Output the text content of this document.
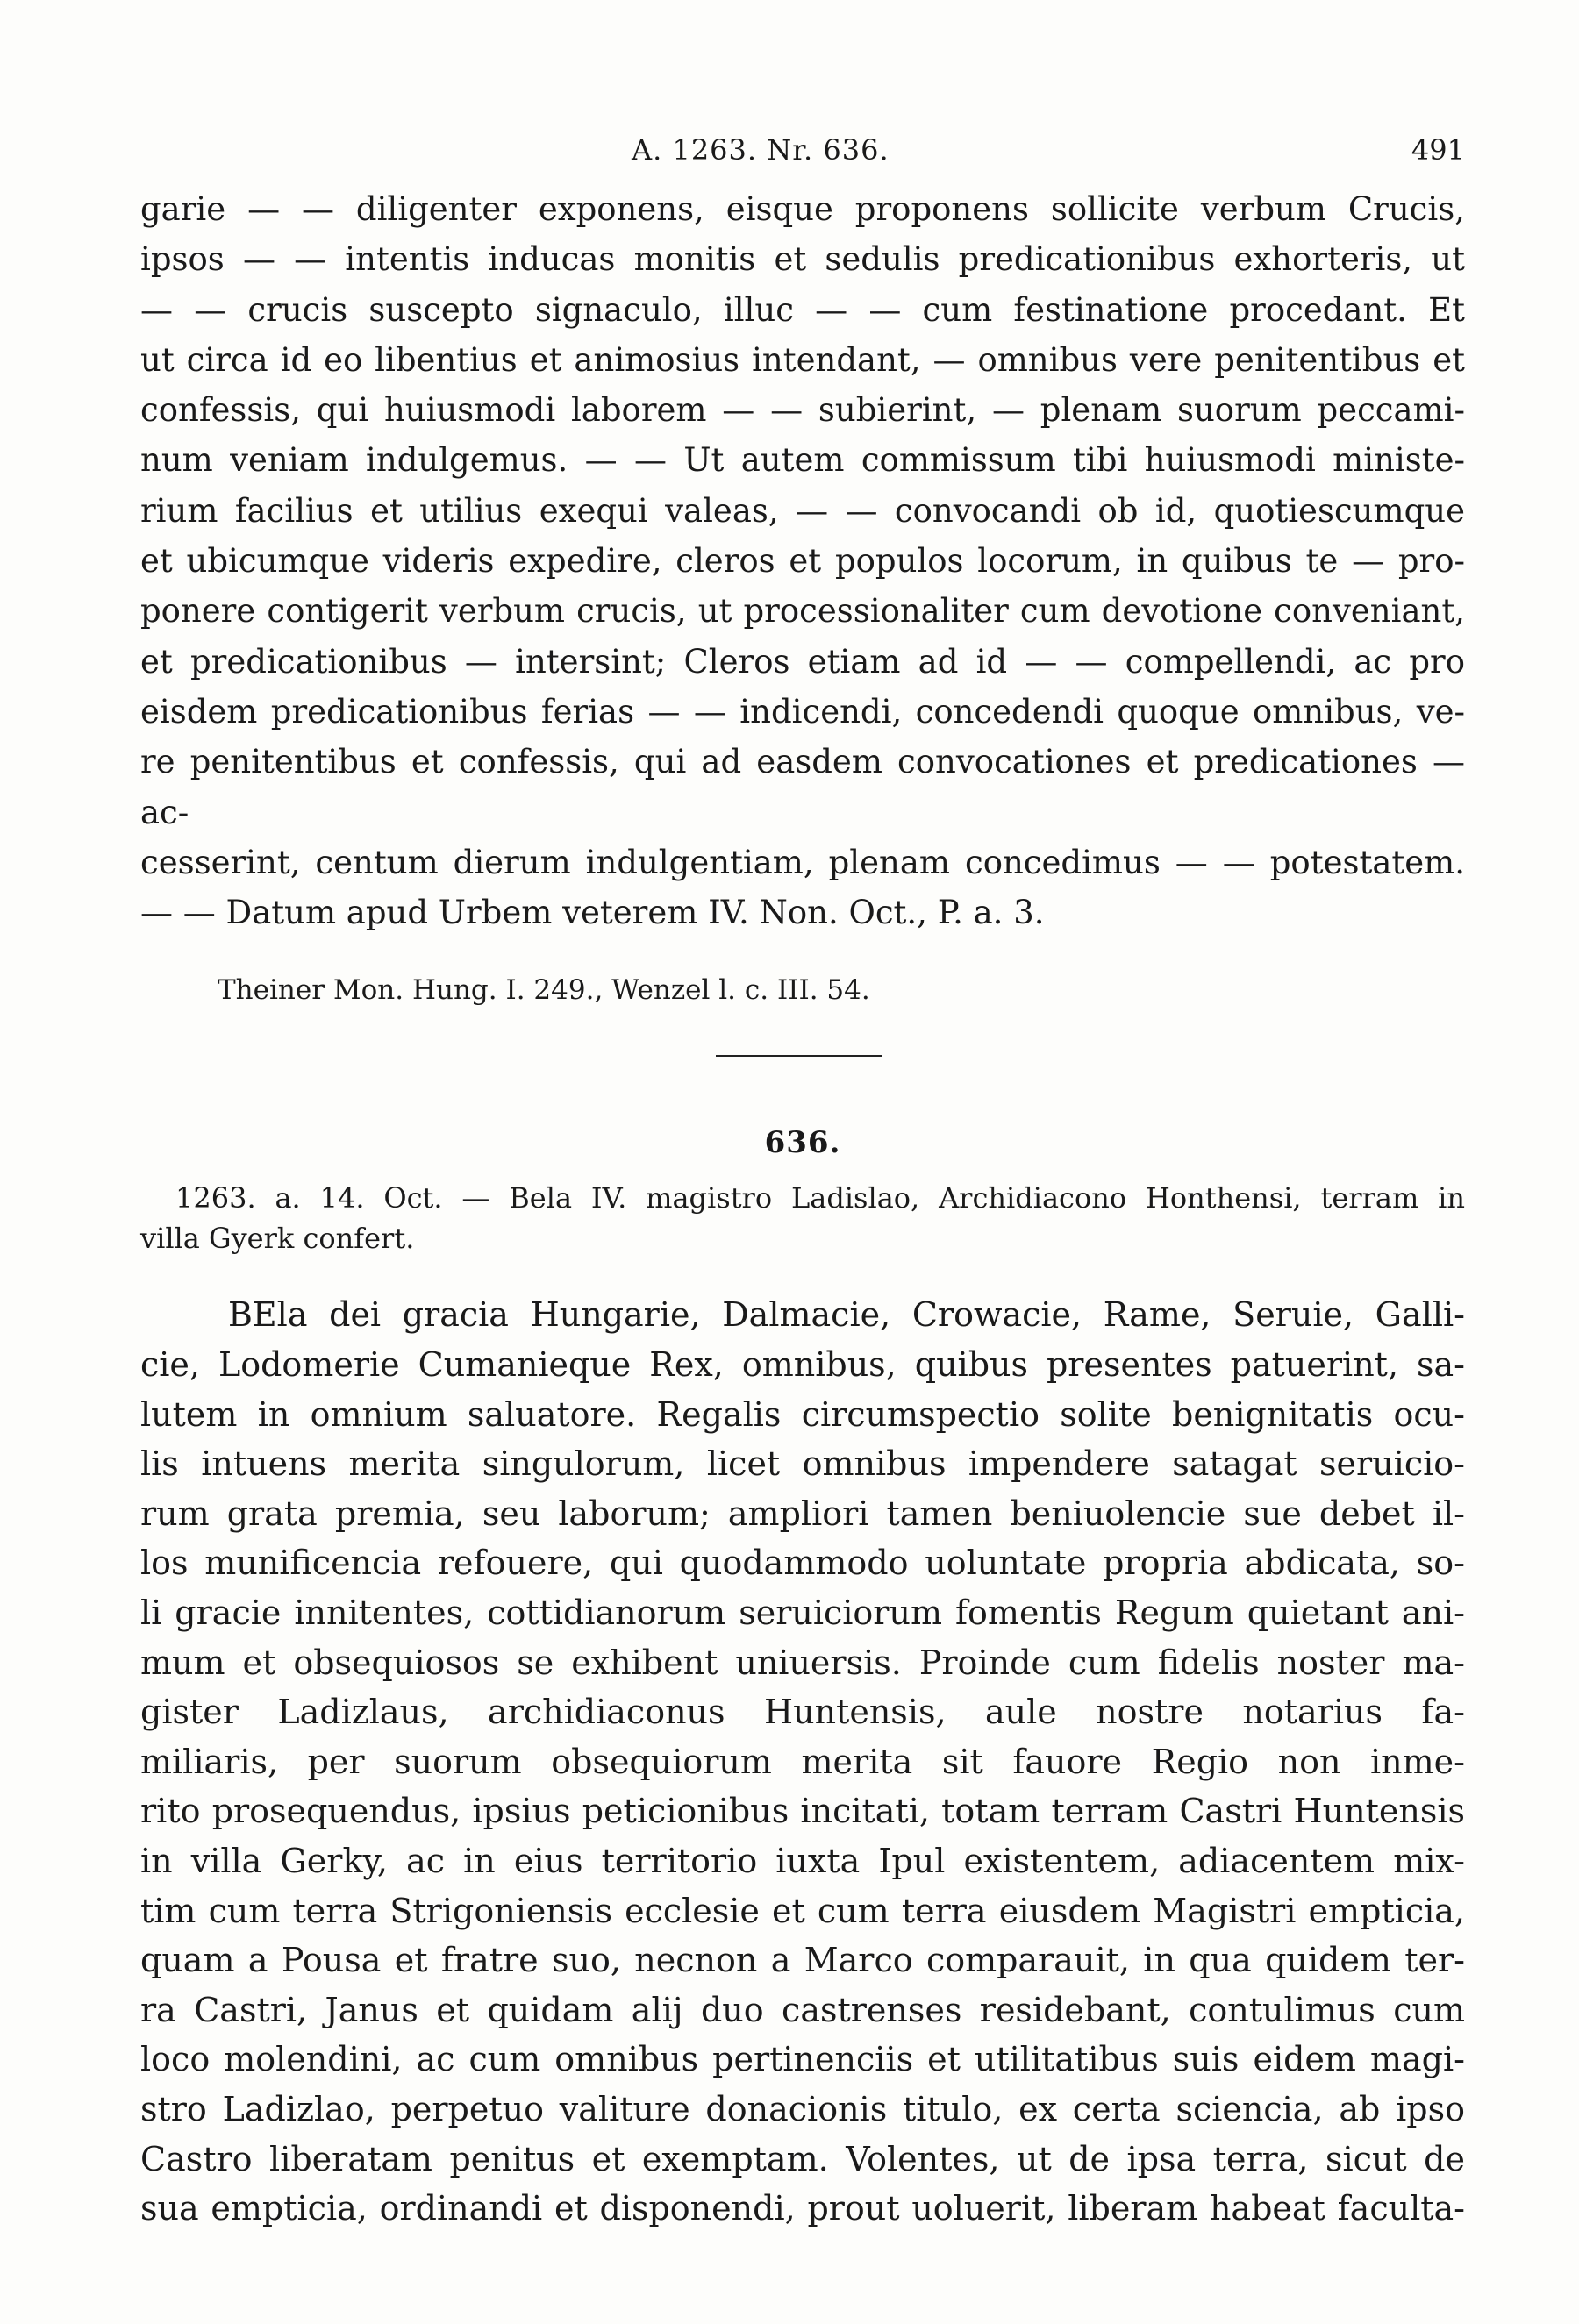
A. 1263. Nr. 636.	491
garie — — diligenter exponens, eisque proponens sollicite verbum Crucis,
ipsos — — intentis inducas monitis et sedulis predicationibus exhorteris, ut
— — crucis suscepto signaculo, illuc — — cum festinatione procedant. Et
ut circa id eo libentius et animosius intendant, — omnibus vere penitentibus et
confessis, qui huiusmodi laborem — — subierint, — plenam suorum peccami-
num veniam indulgemus. — — Ut autem commissum tibi huiusmodi ministe-
rium facilius et utilius exequi valeas, — — convocandi ob id, quotiescumque
et ubicumque videris expedire, cleros et populos locorum, in quibus te — pro-
ponere contigerit verbum crucis, ut processionaliter cum devotione conveniant,
et predicationibus — intersint; Cleros etiam ad id — — compellendi, ac pro
eisdem predicationibus ferias — — indicendi, concedendi quoque omnibus, ve-
re penitentibus et confessis, qui ad easdem convocationes et predicationes — ac-
cesserint, centum dierum indulgentiam, plenam concedimus — — potestatem.
— — Datum apud Urbem veterem IV. Non. Oct., P. a. 3.
Theiner Mon. Hung. I. 249., Wenzel l. c. III. 54.
636.
1263. a. 14. Oct. — Bela IV. magistro Ladislao, Archidiacono Honthensi, terram in
villa Gyerk confert.
BEla dei gracia Hungarie, Dalmacie, Crowacie, Rame, Seruie, Galli-
cie, Lodomerie Cumanieque Rex, omnibus, quibus presentes patuerint, sa-
lutem in omnium saluatore. Regalis circumspectio solite benignitatis ocu-
lis intuens merita singulorum, licet omnibus impendere satagat seruicio-
rum grata premia, seu laborum; ampliori tamen beniuolencie sue debet il-
los munificencia refouere, qui quodammodo uoluntate propria abdicata, so-
li gracie innitentes, cottidianorum seruiciorum fomentis Regum quietant ani-
mum et obsequiosos se exhibent uniuersis. Proinde cum fidelis noster ma-
gister Ladizlaus, archidiaconus Huntensis, aule nostre notarius fa-
miliaris, per suorum obsequiorum merita sit fauore Regio non inme-
rito prosequendus, ipsius peticionibus incitati, totam terram Castri Huntensis
in villa Gerky, ac in eius territorio iuxta Ipul existentem, adiacentem mix-
tim cum terra Strigoniensis ecclesie et cum terra eiusdem Magistri empticia,
quam a Pousa et fratre suo, necnon a Marco comparauit, in qua quidem ter-
ra Castri, Janus et quidam alij duo castrenses residebant, contulimus cum
loco molendini, ac cum omnibus pertinenciis et utilitatibus suis eidem magi-
stro Ladizlao, perpetuo valiture donacionis titulo, ex certa sciencia, ab ipso
Castro liberatam penitus et exemptam. Volentes, ut de ipsa terra, sicut de
sua empticia, ordinandi et disponendi, prout uoluerit, liberam habeat faculta-
